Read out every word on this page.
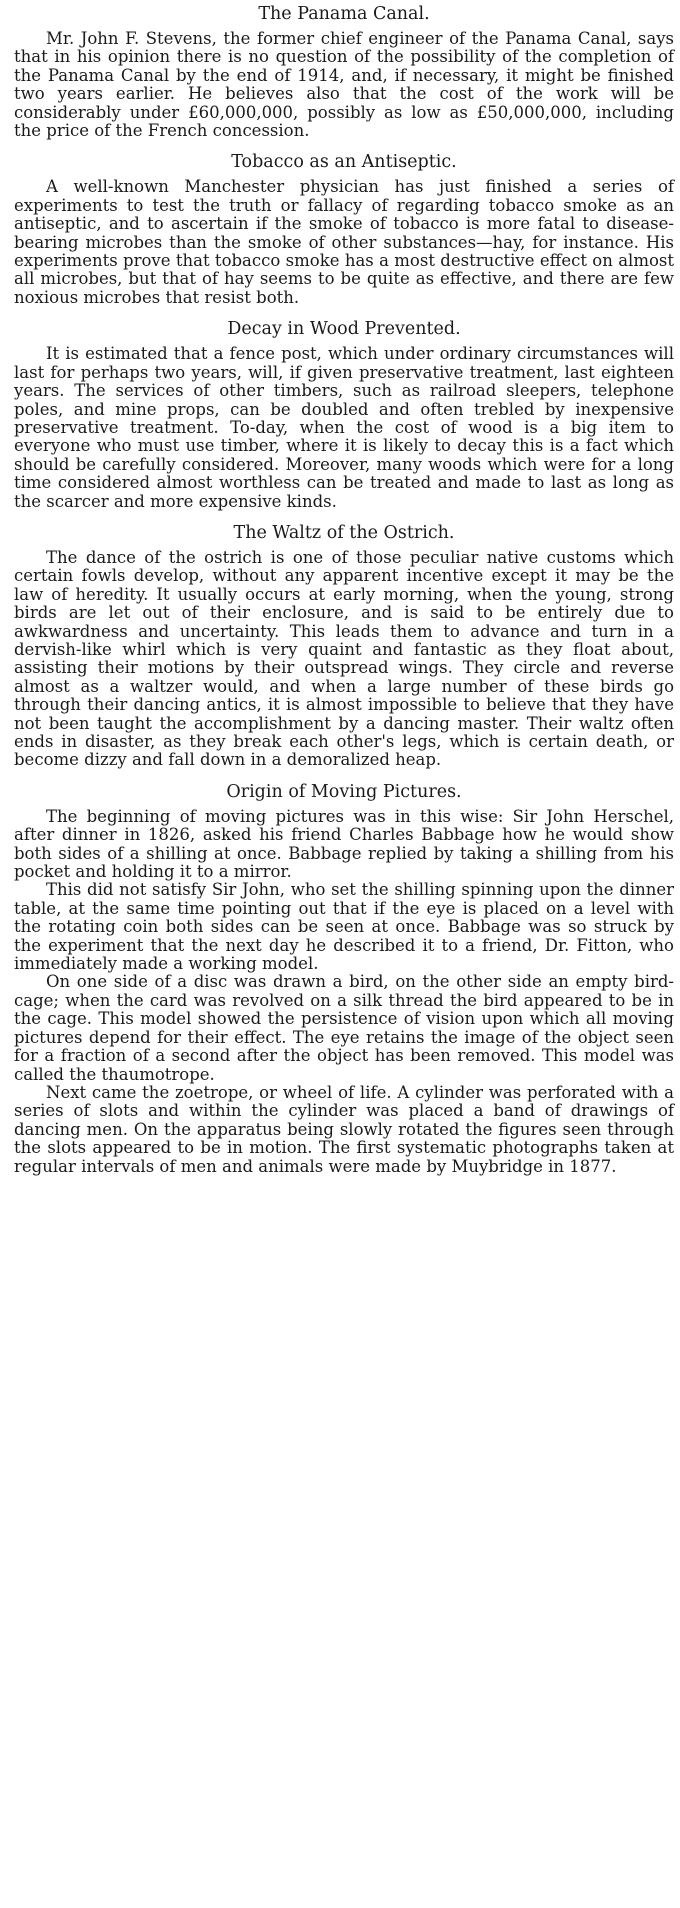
The Panama Canal.

Mr. John F. Stevens, the former chief engineer of the Panama Canal, says that in his opinion there is no question of the possibility of the completion of the Panama Canal by the end of 1914, and, if necessary, it might be finished two years earlier. He believes also that the cost of the work will be considerably under £60,000,000, possibly as low as £50,000,000, including the price of the French concession.

Tobacco as an Antiseptic.

A well-known Manchester physician has just finished a series of experiments to test the truth or fallacy of regarding tobacco smoke as an antiseptic, and to ascertain if the smoke of tobacco is more fatal to disease-bearing microbes than the smoke of other substances—hay, for instance. His experiments prove that tobacco smoke has a most destructive effect on almost all microbes, but that of hay seems to be quite as effective, and there are few noxious microbes that resist both.

Decay in Wood Prevented.

It is estimated that a fence post, which under ordinary circumstances will last for perhaps two years, will, if given preservative treatment, last eighteen years. The services of other timbers, such as railroad sleepers, telephone poles, and mine props, can be doubled and often trebled by inexpensive preservative treatment. To-day, when the cost of wood is a big item to everyone who must use timber, where it is likely to decay this is a fact which should be carefully considered. Moreover, many woods which were for a long time considered almost worthless can be treated and made to last as long as the scarcer and more expensive kinds.

The Waltz of the Ostrich.

The dance of the ostrich is one of those peculiar native customs which certain fowls develop, without any apparent incentive except it may be the law of heredity. It usually occurs at early morning, when the young, strong birds are let out of their enclosure, and is said to be entirely due to awkwardness and uncertainty. This leads them to advance and turn in a dervish-like whirl which is very quaint and fantastic as they float about, assisting their motions by their outspread wings. They circle and reverse almost as a waltzer would, and when a large number of these birds go through their dancing antics, it is almost impossible to believe that they have not been taught the accomplishment by a dancing master. Their waltz often ends in disaster, as they break each other's legs, which is certain death, or become dizzy and fall down in a demoralized heap.

Origin of Moving Pictures.

The beginning of moving pictures was in this wise: Sir John Herschel, after dinner in 1826, asked his friend Charles Babbage how he would show both sides of a shilling at once. Babbage replied by taking a shilling from his pocket and holding it to a mirror.

This did not satisfy Sir John, who set the shilling spinning upon the dinner table, at the same time pointing out that if the eye is placed on a level with the rotating coin both sides can be seen at once. Babbage was so struck by the experiment that the next day he described it to a friend, Dr. Fitton, who immediately made a working model.

On one side of a disc was drawn a bird, on the other side an empty bird-cage; when the card was revolved on a silk thread the bird appeared to be in the cage. This model showed the persistence of vision upon which all moving pictures depend for their effect. The eye retains the image of the object seen for a fraction of a second after the object has been removed. This model was called the thaumotrope.

Next came the zoetrope, or wheel of life. A cylinder was perforated with a series of slots and within the cylinder was placed a band of drawings of dancing men. On the apparatus being slowly rotated the figures seen through the slots appeared to be in motion. The first systematic photographs taken at regular intervals of men and animals were made by Muybridge in 1877.
